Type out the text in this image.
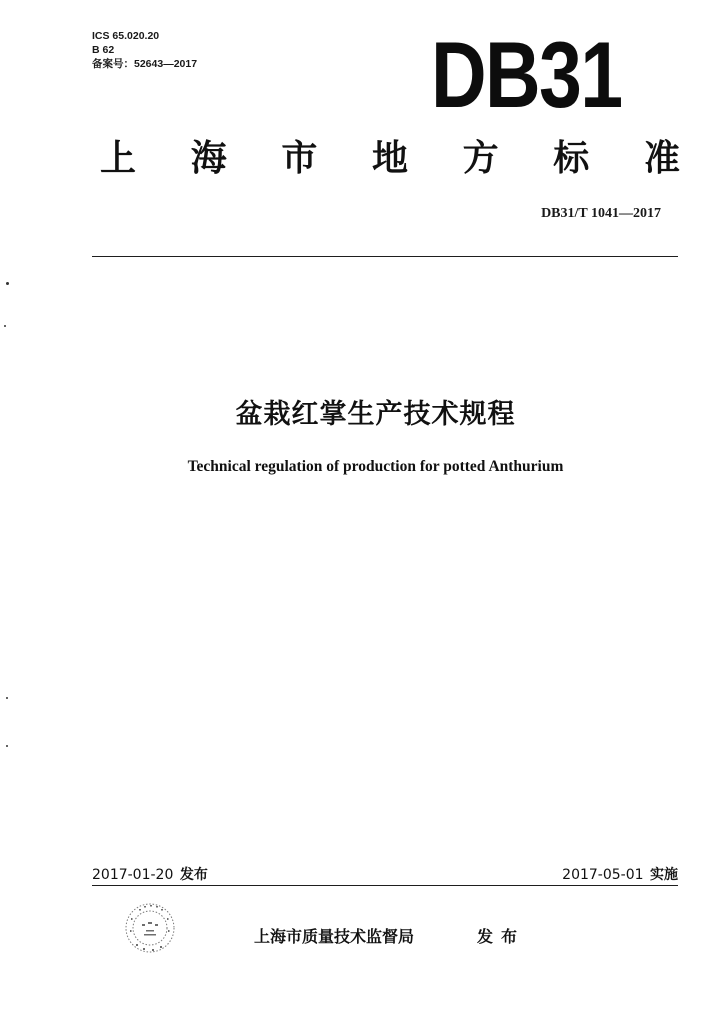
ICS 65.020.20
B 62
备案号：52643—2017 DB31
上 海 市 地 方 标 准
DB31/T 1041—2017
盆栽红掌生产技术规程
Technical regulation of production for potted Anthurium
2017-01-20 发布	2017-05-01 实施
上海市质量技术监督局	发布
